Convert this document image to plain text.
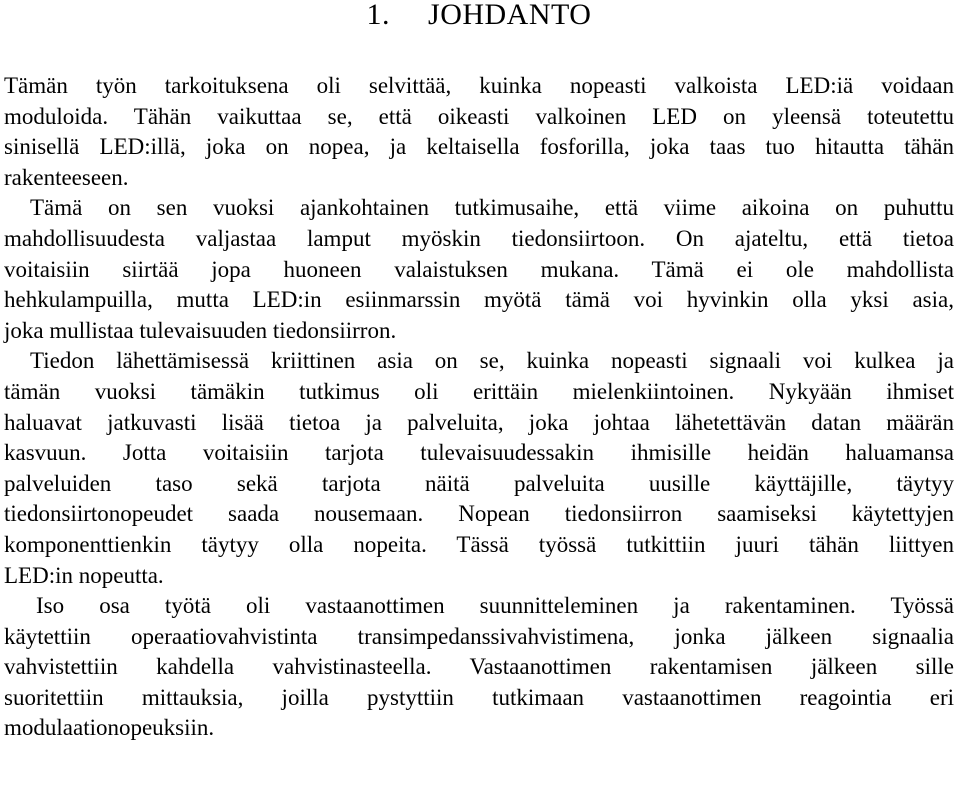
1. JOHDANTO

Tämän työn tarkoituksena oli selvittää, kuinka nopeasti valkoista LED:iä voidaan
moduloida. Tähän vaikuttaa se, että oikeasti valkoinen LED on yleensä toteutettu
sinisellä LED:illä, joka on nopea, ja keltaisella fosforilla, joka taas tuo hitautta tähän
rakenteeseen.

Tämä on sen vuoksi ajankohtainen tutkimusaihe, että viime aikoina on puhuttu
mahdollisuudesta valjastaa lamput myöskin tiedonsiirtoon. On ajateltu, että tietoa
voitaisiin siirtää jopa huoneen valaistuksen mukana. Tämä ei ole mahdollista
hehkulampuilla, mutta LED:in esiinmarssin myötä tämä voi hyvinkin olla yksi asia,
joka mullistaa tulevaisuuden tiedonsiirron.

Tiedon lähettämisessä kriittinen asia on se, kuinka nopeasti signaali voi kulkea ja
tämän vuoksi tämäkin tutkimus oli erittäin mielenkiintoinen. Nykyään ihmiset
haluavat jatkuvasti lisää tietoa ja palveluita, joka johtaa lähetettävän datan määrän
kasvuun. Jotta voitaisiin tarjota tulevaisuudessakin ihmisille heidän haluamansa
palveluiden taso sekä tarjota näitä palveluita uusille käyttäjille, täytyy
tiedonsiirtonopeudet saada nousemaan. Nopean tiedonsiirron saamiseksi käytettyjen
komponenttienkin täytyy olla nopeita. Tässä työssä tutkittiin juuri tähän liittyen
LED:in nopeutta.

Iso osa työtä oli vastaanottimen suunnitteleminen ja rakentaminen. Työssä
käytettiin operaatiovahvistinta transimpedanssivahvistimena, jonka jälkeen signaalia
vahvistettiin kahdella vahvistinasteella. Vastaanottimen rakentamisen jälkeen sille
suoritettiin mittauksia, joilla pystyttiin tutkimaan vastaanottimen reagointia eri
modulaationopeuksiin.
